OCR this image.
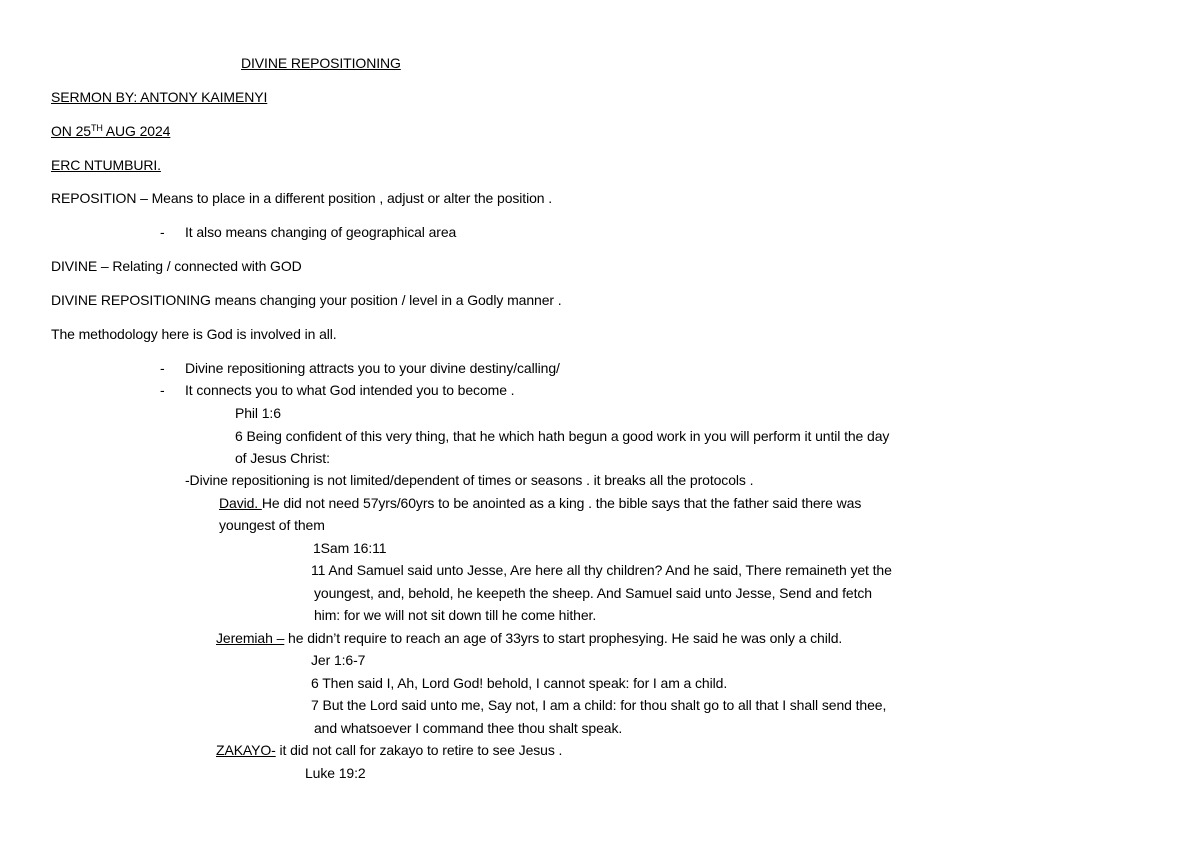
DIVINE REPOSITIONING
SERMON BY: ANTONY KAIMENYI
ON 25TH AUG 2024
ERC NTUMBURI.
REPOSITION – Means to place in a different position , adjust or alter the position .
- It also means changing of geographical area
DIVINE – Relating / connected with GOD
DIVINE REPOSITIONING means changing your position / level in a Godly manner .
The methodology here is God is involved in all.
- Divine repositioning attracts you to your divine destiny/calling/
- It connects you to what God intended you to become .
Phil 1:6
6 Being confident of this very thing, that he which hath begun a good work in you will perform it until the day
of Jesus Christ:
-Divine repositioning is not limited/dependent of times or seasons . it breaks all the protocols .
David. He did not need 57yrs/60yrs to be anointed as a king . the bible says that the father said there was
youngest of them
1Sam 16:11
11 And Samuel said unto Jesse, Are here all thy children? And he said, There remaineth yet the
youngest, and, behold, he keepeth the sheep. And Samuel said unto Jesse, Send and fetch
him: for we will not sit down till he come hither.
Jeremiah – he didn’t require to reach an age of 33yrs to start prophesying. He said he was only a child.
Jer 1:6-7
6 Then said I, Ah, Lord God! behold, I cannot speak: for I am a child.
7 But the Lord said unto me, Say not, I am a child: for thou shalt go to all that I shall send thee,
and whatsoever I command thee thou shalt speak.
ZAKAYO- it did not call for zakayo to retire to see Jesus .
Luke 19:2
